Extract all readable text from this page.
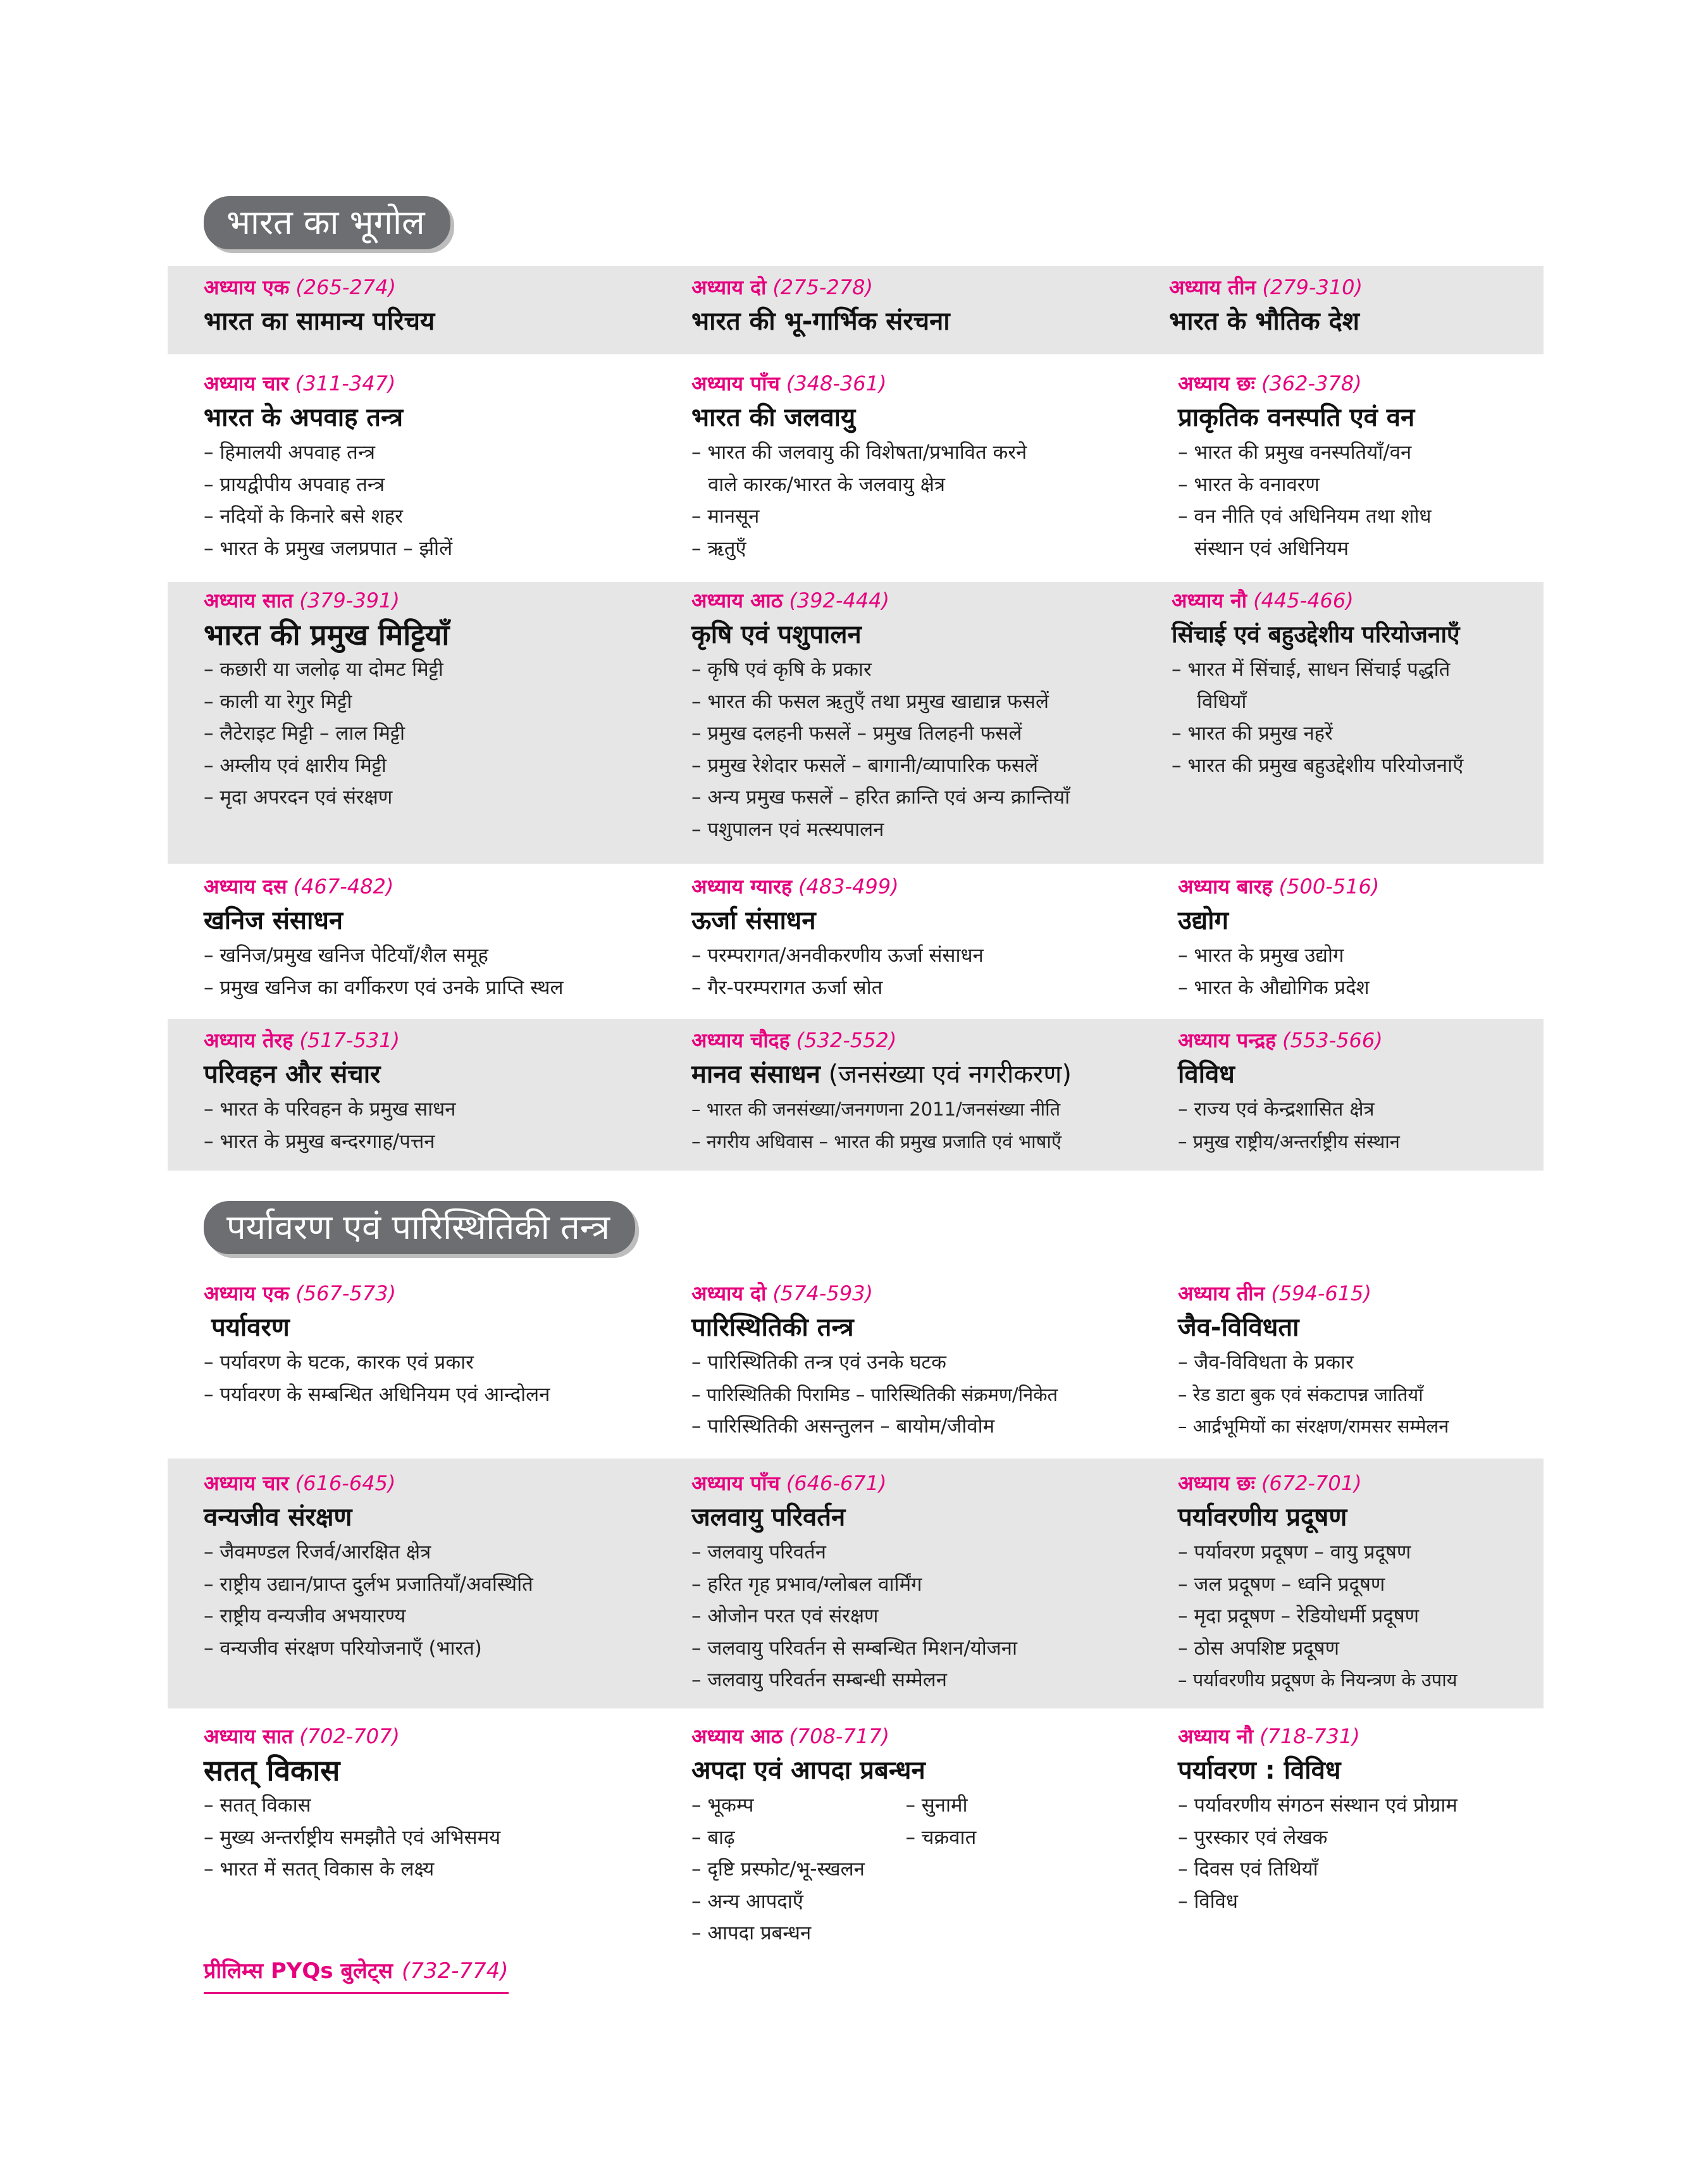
भारत का भूगोल
पर्यावरण एवं पारिस्थितिकी तन्त्र
अध्याय एक (265-274)
भारत का सामान्य परिचय
अध्याय दो (275-278)
भारत की भू-गार्भिक संरचना
अध्याय तीन (279-310)
भारत के भौतिक देश
अध्याय चार (311-347)
भारत के अपवाह तन्त्र
– हिमालयी अपवाह तन्त्र
– प्रायद्वीपीय अपवाह तन्त्र
– नदियों के किनारे बसे शहर
– भारत के प्रमुख जलप्रपात – झीलें
अध्याय पाँच (348-361)
भारत की जलवायु
– भारत की जलवायु की विशेषता/प्रभावित करने
वाले कारक/भारत के जलवायु क्षेत्र
– मानसून
– ऋतुएँ
अध्याय छः (362-378)
प्राकृतिक वनस्पति एवं वन
– भारत की प्रमुख वनस्पतियाँ/वन
– भारत के वनावरण
– वन नीति एवं अधिनियम तथा शोध
संस्थान एवं अधिनियम
अध्याय सात (379-391)
भारत की प्रमुख मिट्टियाँ
– कछारी या जलोढ़ या दोमट मिट्टी
– काली या रेगुर मिट्टी
– लैटेराइट मिट्टी – लाल मिट्टी
– अम्लीय एवं क्षारीय मिट्टी
– मृदा अपरदन एवं संरक्षण
अध्याय आठ (392-444)
कृषि एवं पशुपालन
– कृषि एवं कृषि के प्रकार
– भारत की फसल ऋतुएँ तथा प्रमुख खाद्यान्न फसलें
– प्रमुख दलहनी फसलें – प्रमुख तिलहनी फसलें
– प्रमुख रेशेदार फसलें – बागानी/व्यापारिक फसलें
– अन्य प्रमुख फसलें – हरित क्रान्ति एवं अन्य क्रान्तियाँ
– पशुपालन एवं मत्स्यपालन
अध्याय नौ (445-466)
सिंचाई एवं बहुउद्देशीय परियोजनाएँ
– भारत में सिंचाई, साधन सिंचाई पद्धति
विधियाँ
– भारत की प्रमुख नहरें
– भारत की प्रमुख बहुउद्देशीय परियोजनाएँ
अध्याय दस (467-482)
खनिज संसाधन
– खनिज/प्रमुख खनिज पेटियाँ/शैल समूह
– प्रमुख खनिज का वर्गीकरण एवं उनके प्राप्ति स्थल
अध्याय ग्यारह (483-499)
ऊर्जा संसाधन
– परम्परागत/अनवीकरणीय ऊर्जा संसाधन
– गैर-परम्परागत ऊर्जा स्रोत
अध्याय बारह (500-516)
उद्योग
– भारत के प्रमुख उद्योग
– भारत के औद्योगिक प्रदेश
अध्याय तेरह (517-531)
परिवहन और संचार
– भारत के परिवहन के प्रमुख साधन
– भारत के प्रमुख बन्दरगाह/पत्तन
अध्याय चौदह (532-552)
मानव संसाधन (जनसंख्या एवं नगरीकरण)
– भारत की जनसंख्या/जनगणना 2011/जनसंख्या नीति
– नगरीय अधिवास – भारत की प्रमुख प्रजाति एवं भाषाएँ
अध्याय पन्द्रह (553-566)
विविध
– राज्य एवं केन्द्रशासित क्षेत्र
– प्रमुख राष्ट्रीय/अन्तर्राष्ट्रीय संस्थान
अध्याय एक (567-573)
पर्यावरण
– पर्यावरण के घटक, कारक एवं प्रकार
– पर्यावरण के सम्बन्धित अधिनियम एवं आन्दोलन
अध्याय दो (574-593)
पारिस्थितिकी तन्त्र
– पारिस्थितिकी तन्त्र एवं उनके घटक
– पारिस्थितिकी पिरामिड – पारिस्थितिकी संक्रमण/निकेत
– पारिस्थितिकी असन्तुलन – बायोम/जीवोम
अध्याय तीन (594-615)
जैव-विविधता
– जैव-विविधता के प्रकार
– रेड डाटा बुक एवं संकटापन्न जातियाँ
– आर्द्रभूमियों का संरक्षण/रामसर सम्मेलन
अध्याय चार (616-645)
वन्यजीव संरक्षण
– जैवमण्डल रिजर्व/आरक्षित क्षेत्र
– राष्ट्रीय उद्यान/प्राप्त दुर्लभ प्रजातियाँ/अवस्थिति
– राष्ट्रीय वन्यजीव अभयारण्य
– वन्यजीव संरक्षण परियोजनाएँ (भारत)
अध्याय पाँच (646-671)
जलवायु परिवर्तन
– जलवायु परिवर्तन
– हरित गृह प्रभाव/ग्लोबल वार्मिंग
– ओजोन परत एवं संरक्षण
– जलवायु परिवर्तन से सम्बन्धित मिशन/योजना
– जलवायु परिवर्तन सम्बन्धी सम्मेलन
अध्याय छः (672-701)
पर्यावरणीय प्रदूषण
– पर्यावरण प्रदूषण – वायु प्रदूषण
– जल प्रदूषण – ध्वनि प्रदूषण
– मृदा प्रदूषण – रेडियोधर्मी प्रदूषण
– ठोस अपशिष्ट प्रदूषण
– पर्यावरणीय प्रदूषण के नियन्त्रण के उपाय
अध्याय सात (702-707)
सतत् विकास
– सतत् विकास
– मुख्य अन्तर्राष्ट्रीय समझौते एवं अभिसमय
– भारत में सतत् विकास के लक्ष्य
अध्याय आठ (708-717)
अपदा एवं आपदा प्रबन्धन
– भूकम्प
– बाढ़
– सुनामी
– चक्रवात
– दृष्टि प्रस्फोट/भू-स्खलन
– अन्य आपदाएँ
– आपदा प्रबन्धन
अध्याय नौ (718-731)
पर्यावरण : विविध
– पर्यावरणीय संगठन संस्थान एवं प्रोग्राम
– पुरस्कार एवं लेखक
– दिवस एवं तिथियाँ
– विविध
प्रीलिम्स PYQs बुलेट्स (732-774)
